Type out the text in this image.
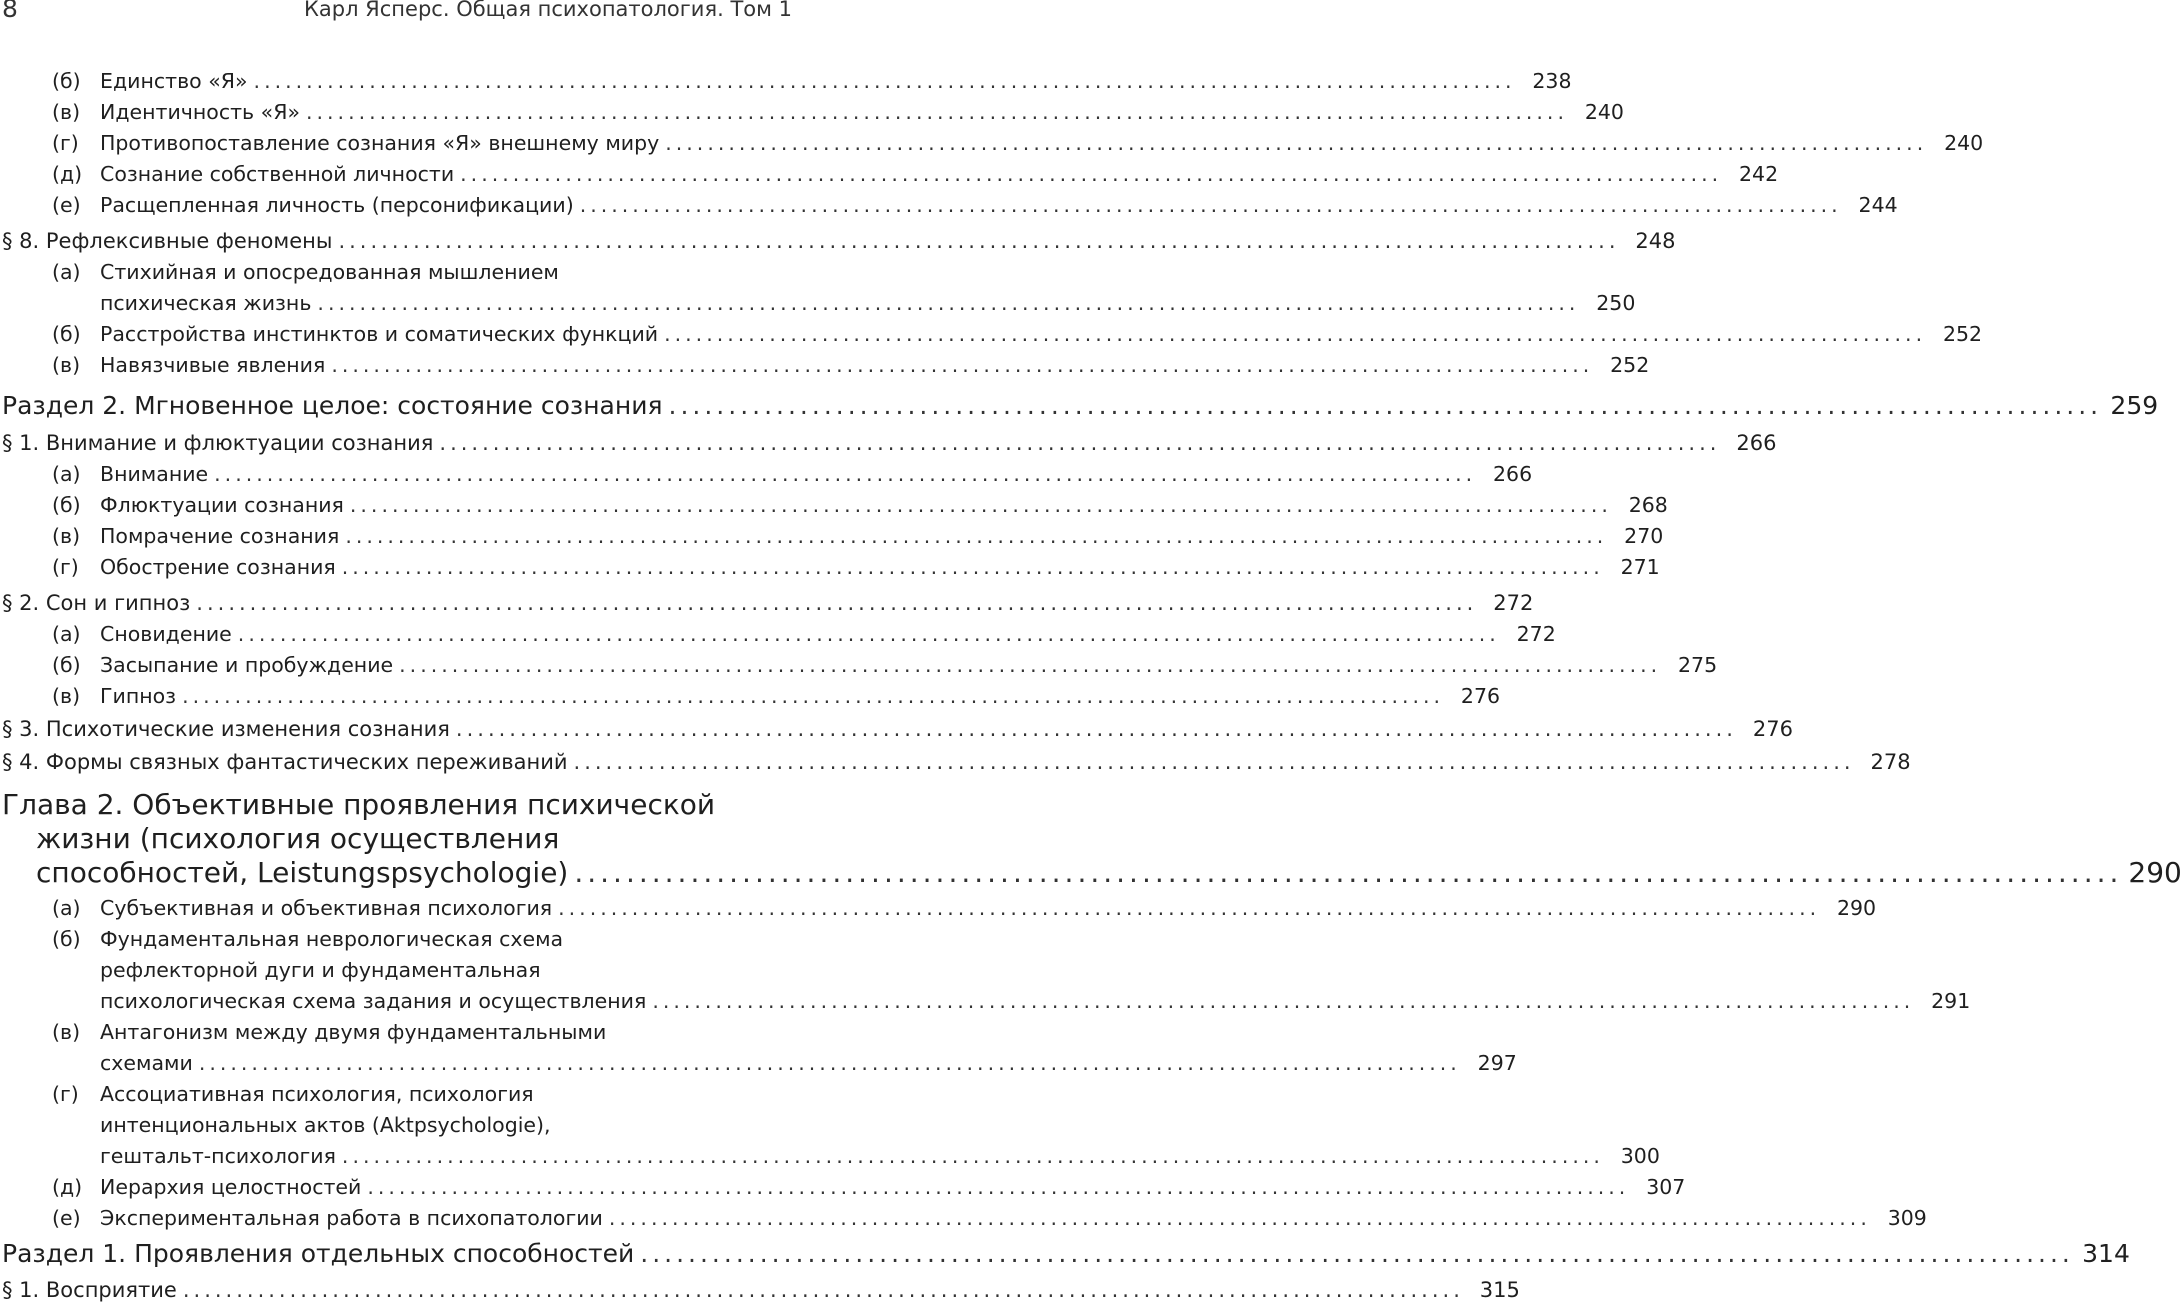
8	Карл Ясперс. Общая психопатология. Том 1
(б) Единство «Я» ........................................................................................................................ 238
(в) Идентичность «Я» ........................................................................................................................ 240
(г) Противопоставление сознания «Я» внешнему миру ........................................................................................................................ 240
(д) Сознание собственной личности ........................................................................................................................ 242
(е) Расщепленная личность (персонификации) ........................................................................................................................ 244
§ 8. Рефлексивные феномены ........................................................................................................................ 248
(а) Стихийная и опосредованная мышлением
психическая жизнь ........................................................................................................................ 250
(б) Расстройства инстинктов и соматических функций ........................................................................................................................ 252
(в) Навязчивые явления ........................................................................................................................ 252
Раздел 2. Мгновенное целое: состояние сознания ........................................................................................................................ 259
§ 1. Внимание и флюктуации сознания ........................................................................................................................ 266
(а) Внимание ........................................................................................................................ 266
(б) Флюктуации сознания ........................................................................................................................ 268
(в) Помрачение сознания ........................................................................................................................ 270
(г) Обострение сознания ........................................................................................................................ 271
§ 2. Сон и гипноз ........................................................................................................................ 272
(а) Сновидение ........................................................................................................................ 272
(б) Засыпание и пробуждение ........................................................................................................................ 275
(в) Гипноз ........................................................................................................................ 276
§ 3. Психотические изменения сознания ........................................................................................................................ 276
§ 4. Формы связных фантастических переживаний ........................................................................................................................ 278
Глава 2. Объективные проявления психической
жизни (психология осуществления
способностей, Leistungspsychologie) ........................................................................................................................ 290
(а) Субъективная и объективная психология ........................................................................................................................ 290
(б) Фундаментальная неврологическая схема
рефлекторной дуги и фундаментальная
психологическая схема задания и осуществления ........................................................................................................................ 291
(в) Антагонизм между двумя фундаментальными
схемами ........................................................................................................................ 297
(г) Ассоциативная психология, психология
интенциональных актов (Aktpsychologie),
гештальт-психология ........................................................................................................................ 300
(д) Иерархия целостностей ........................................................................................................................ 307
(е) Экспериментальная работа в психопатологии ........................................................................................................................ 309
Раздел 1. Проявления отдельных способностей ........................................................................................................................ 314
§ 1. Восприятие ........................................................................................................................ 315
